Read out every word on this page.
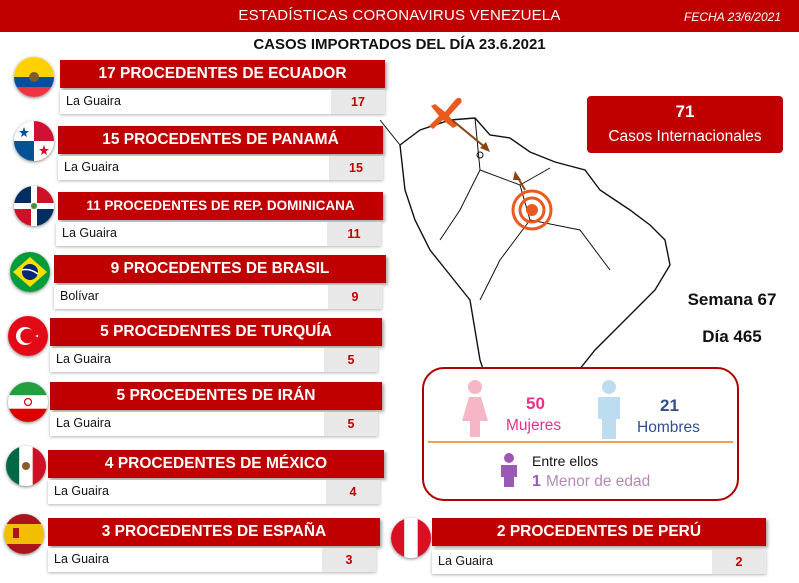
ESTADÍSTICAS CORONAVIRUS VENEZUELA	FECHA 23/6/2021
CASOS IMPORTADOS DEL DÍA 23.6.2021
17 PROCEDENTES DE ECUADOR
La Guaira	17
15 PROCEDENTES DE PANAMÁ
La Guaira	15
11 PROCEDENTES DE REP. DOMINICANA
La Guaira	11
9 PROCEDENTES DE BRASIL
Bolívar	9
5 PROCEDENTES DE TURQUÍA
La Guaira	5
5 PROCEDENTES DE IRÁN
La Guaira	5
4 PROCEDENTES DE MÉXICO
La Guaira	4
3 PROCEDENTES DE ESPAÑA
La Guaira	3
2 PROCEDENTES DE PERÚ
La Guaira	2
71
Casos Internacionales
Semana 67
Día 465
50
Mujeres
21
Hombres
Entre ellos
1 Menor de edad
